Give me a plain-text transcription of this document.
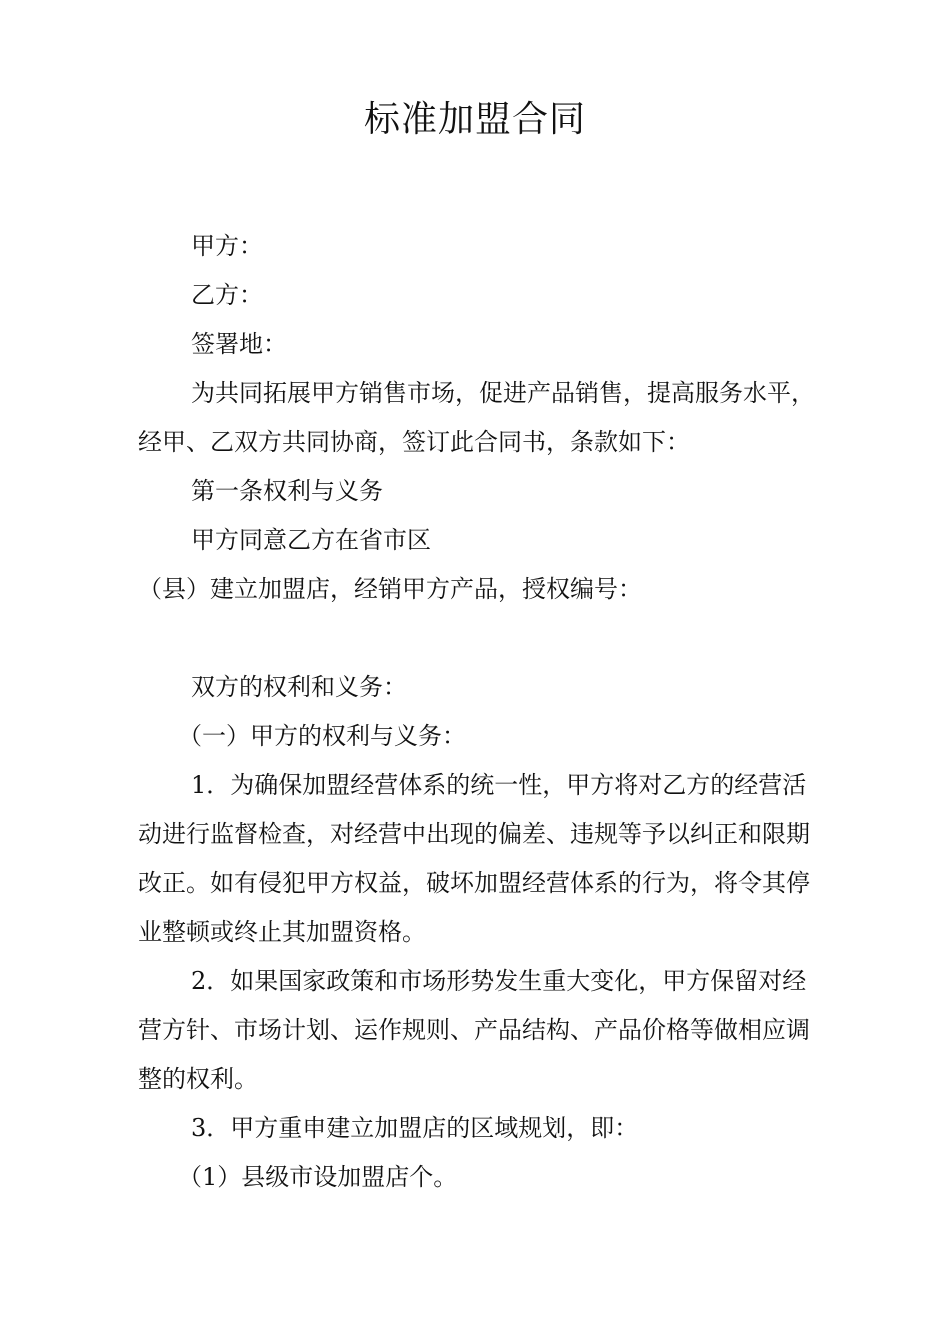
标准加盟合同

甲方：

乙方：

签署地：

为共同拓展甲方销售市场，促进产品销售，提高服务水平，经甲、乙双方共同协商，签订此合同书，条款如下：

第一条权利与义务

甲方同意乙方在省市区

（县）建立加盟店，经销甲方产品，授权编号：

双方的权利和义务：

（一）甲方的权利与义务：

1．为确保加盟经营体系的统一性，甲方将对乙方的经营活动进行监督检查，对经营中出现的偏差、违规等予以纠正和限期改正。如有侵犯甲方权益，破坏加盟经营体系的行为，将令其停业整顿或终止其加盟资格。

2．如果国家政策和市场形势发生重大变化，甲方保留对经营方针、市场计划、运作规则、产品结构、产品价格等做相应调整的权利。

3．甲方重申建立加盟店的区域规划，即：

（1）县级市设加盟店个。
